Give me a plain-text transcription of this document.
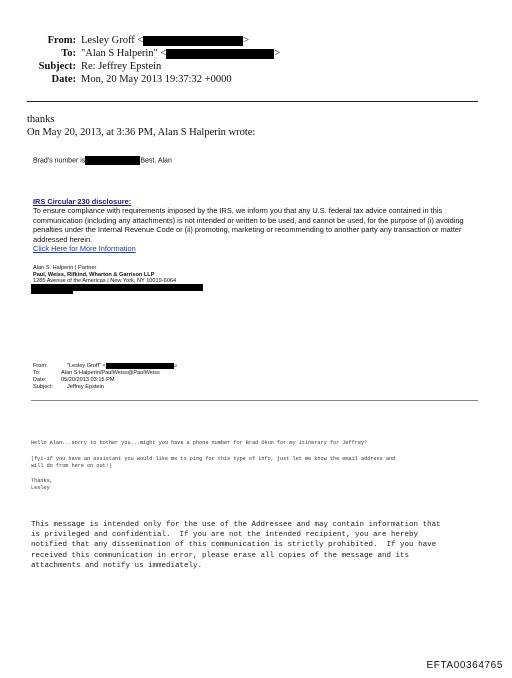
From: Lesley Groff <	>
To: "Alan S Halperin" <	>
Subject: Re: Jeffrey Epstein
Date: Mon, 20 May 2013 19:37:32 +0000
thanks
On May 20, 2013, at 3:36 PM, Alan S Halperin wrote:
Brad's number is	Best. Alan
IRS Circular 230 disclosure:
To ensure compliance with requirements imposed by the IRS, we inform you that any U.S. federal tax advice contained in this communication (including any attachments) is not intended or written to be used, and cannot be used, for the purpose of (i) avoiding penalties under the Internal Revenue Code or (ii) promoting, marketing or recommending to another party any transaction or matter addressed herein.
Click Here for More Information
Alan S. Halperin | Partner
Paul, Weiss, Rifkind, Wharton & Garrison LLP
1285 Avenue of the Americas | New York, NY 10019-6064
From:	"Lesley Groff" <	>
To:	Alan S Halperin/PaulWeiss@PaulWeiss
Date:	05/20/2013 03:15 PM
Subject: Jeffrey Epstein
Hello Alan...sorry to bother you...might you have a phone number for Brad Okun for my itinerary for Jeffrey?
(fyi-if you have an assistant you would like me to ping for this type of info, just let me know the email address and
will do from here on out!)
Thanks,
Lesley
This message is intended only for the use of the Addressee and may contain information that
is privileged and confidential.  If you are not the intended recipient, you are hereby
notified that any dissemination of this communication is strictly prohibited.  If you have
received this communication in error, please erase all copies of the message and its
attachments and notify us immediately.
EFTA00364765
